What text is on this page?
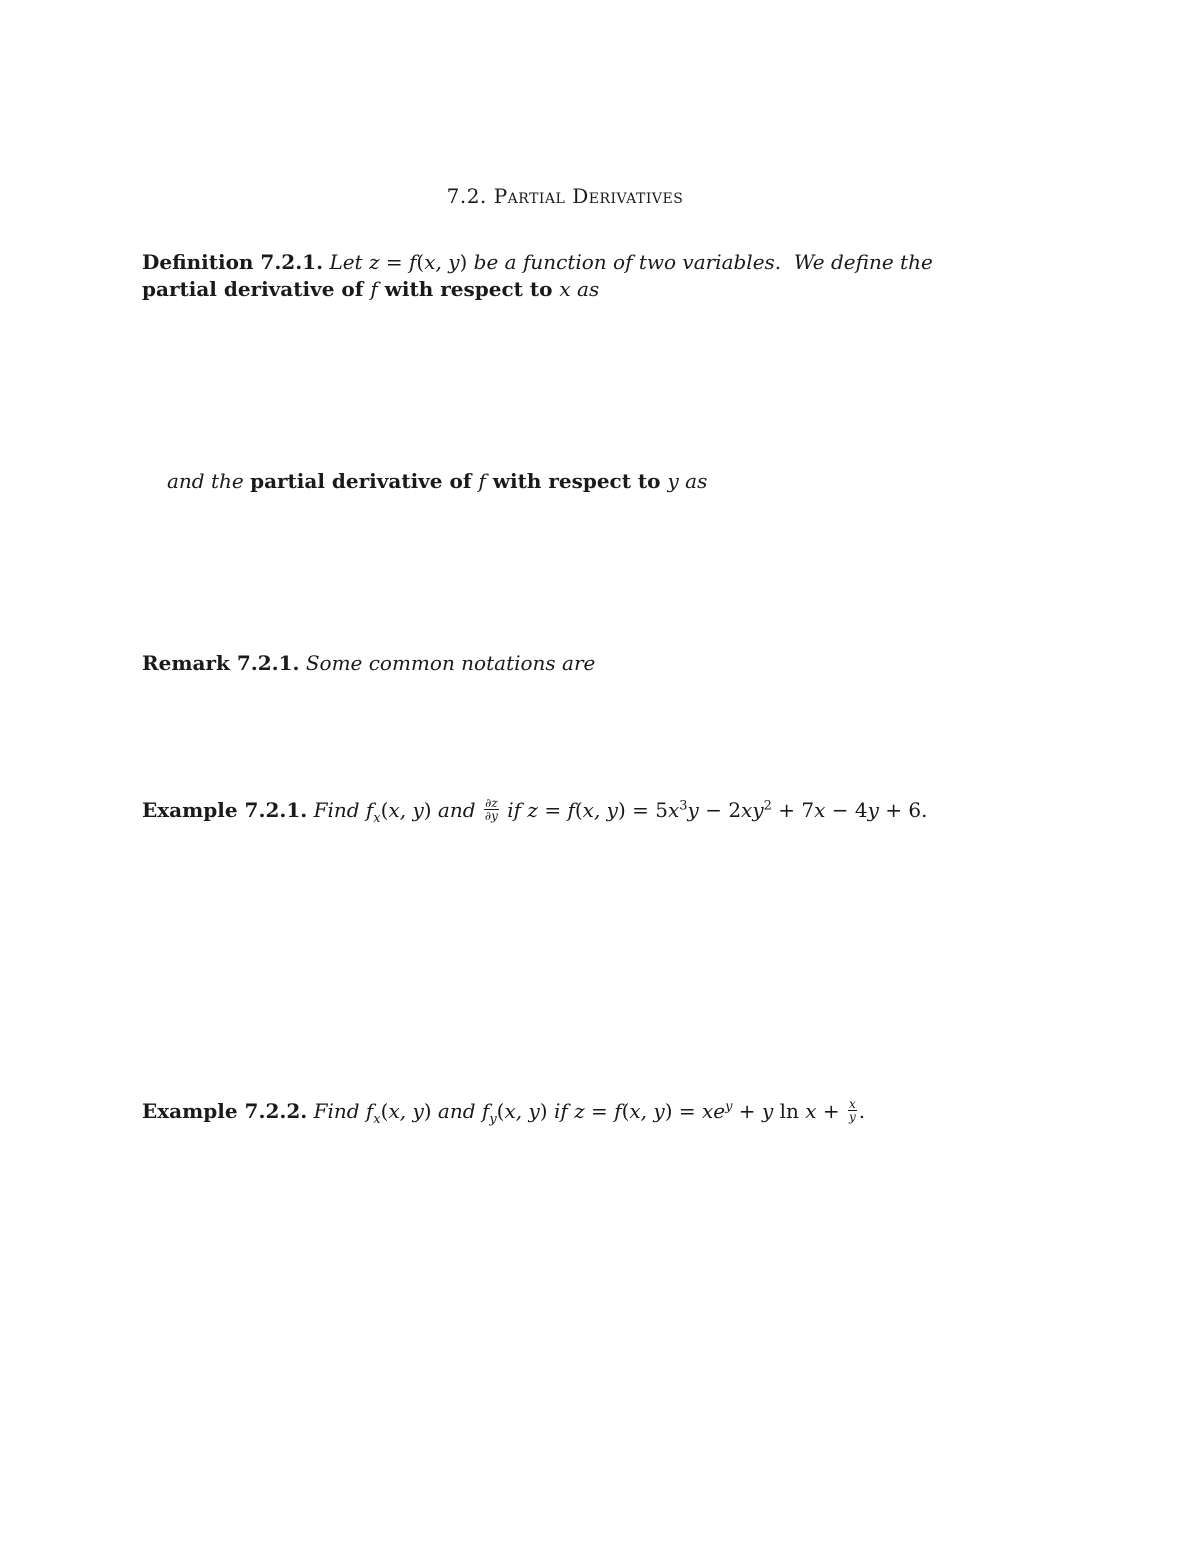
7.2. Partial Derivatives
Definition 7.2.1. Let z = f(x, y) be a function of two variables.  We define the
partial derivative of f with respect to x as
and the partial derivative of f with respect to y as
Remark 7.2.1. Some common notations are
Example 7.2.1. Find $f_x(x$, y) and $\frac{\partial z}{\partial y}$ if z = f(x, $y) = 5x^3y - 2xy^2 + 7x - 4y + 6$.
Example 7.2.2. Find $f_x(x$, y) and $f_y(x$, y) if z = f(x, $y) = xe^y + y$ $\ln x + \frac{x}{y}$ .
